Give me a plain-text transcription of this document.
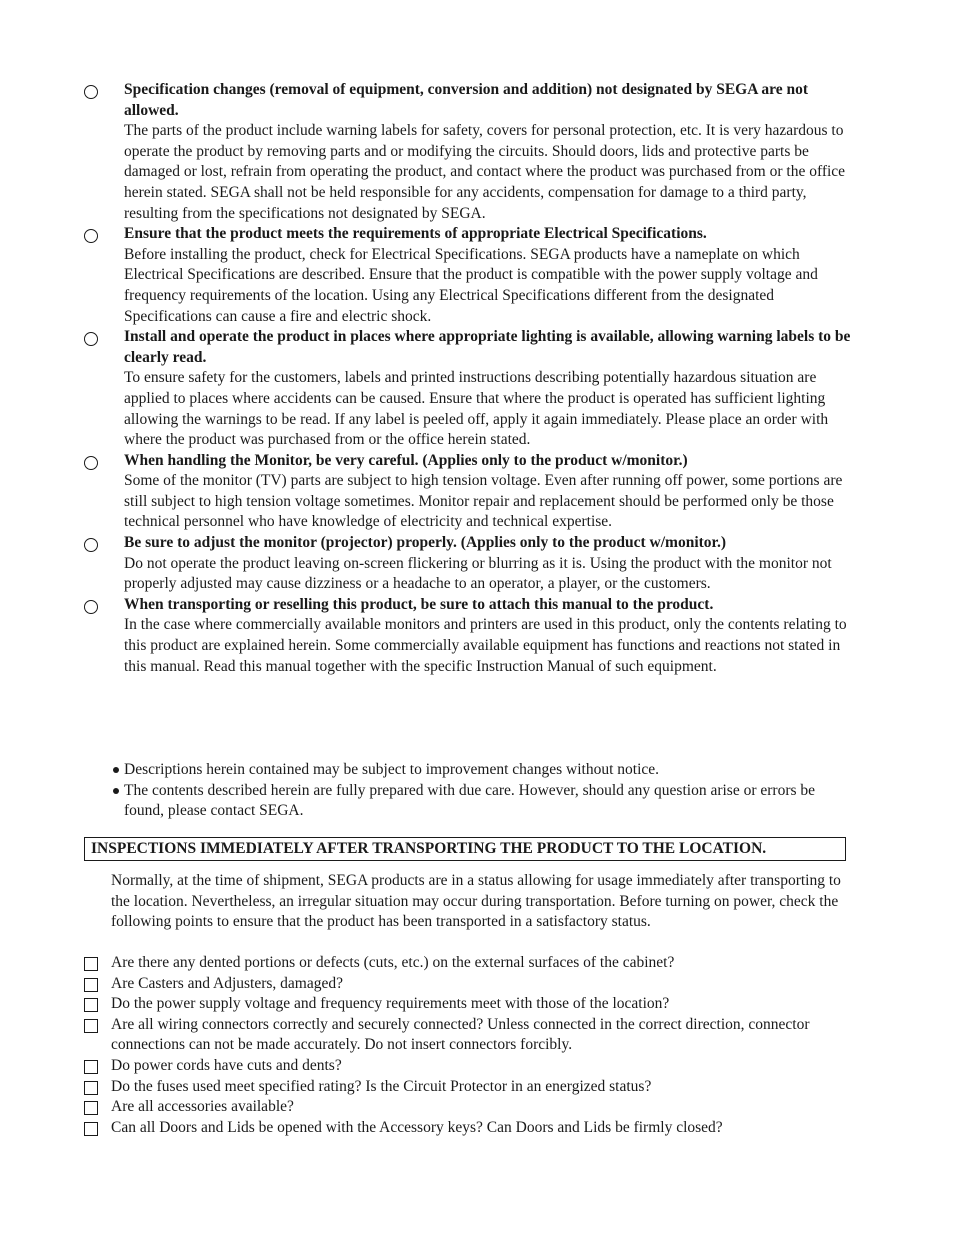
Specification changes (removal of equipment, conversion and addition) not designated by SEGA are not allowed.
The parts of the product include warning labels for safety, covers for personal protection, etc. It is very hazardous to operate the product by removing parts and or modifying the circuits. Should doors, lids and protective parts be damaged or lost, refrain from operating the product, and contact where the product was purchased from or the office herein stated. SEGA shall not be held responsible for any accidents, compensation for damage to a third party, resulting from the specifications not designated by SEGA.
Ensure that the product meets the requirements of appropriate Electrical Specifications.
Before installing the product, check for Electrical Specifications. SEGA products have a nameplate on which Electrical Specifications are described. Ensure that the product is compatible with the power supply voltage and frequency requirements of the location. Using any Electrical Specifications different from the designated Specifications can cause a fire and electric shock.
Install and operate the product in places where appropriate lighting is available, allowing warning labels to be clearly read.
To ensure safety for the customers, labels and printed instructions describing potentially hazardous situation are applied to places where accidents can be caused. Ensure that where the product is operated has sufficient lighting allowing the warnings to be read. If any label is peeled off, apply it again immediately. Please place an order with where the product was purchased from or the office herein stated.
When handling the Monitor, be very careful. (Applies only to the product w/monitor.)
Some of the monitor (TV) parts are subject to high tension voltage. Even after running off power, some portions are still subject to high tension voltage sometimes. Monitor repair and replacement should be performed only be those technical personnel who have knowledge of electricity and technical expertise.
Be sure to adjust the monitor (projector) properly. (Applies only to the product w/monitor.)
Do not operate the product leaving on-screen flickering or blurring as it is. Using the product with the monitor not properly adjusted may cause dizziness or a headache to an operator, a player, or the customers.
When transporting or reselling this product, be sure to attach this manual to the product.
In the case where commercially available monitors and printers are used in this product, only the contents relating to this product are explained herein. Some commercially available equipment has functions and reactions not stated in this manual. Read this manual together with the specific Instruction Manual of such equipment.
Descriptions herein contained may be subject to improvement changes without notice.
The contents described herein are fully prepared with due care. However, should any question arise or errors be found, please contact SEGA.
INSPECTIONS IMMEDIATELY AFTER TRANSPORTING THE PRODUCT TO THE LOCATION.
Normally, at the time of shipment, SEGA products are in a status allowing for usage immediately after transporting to the location. Nevertheless, an irregular situation may occur during transportation. Before turning on power, check the following points to ensure that the product has been transported in a satisfactory status.
Are there any dented portions or defects (cuts, etc.) on the external surfaces of the cabinet?
Are Casters and Adjusters, damaged?
Do the power supply voltage and frequency requirements meet with those of the location?
Are all wiring connectors correctly and securely connected? Unless connected in the correct direction, connector connections can not be made accurately. Do not insert connectors forcibly.
Do power cords have cuts and dents?
Do the fuses used meet specified rating? Is the Circuit Protector in an energized status?
Are all accessories available?
Can all Doors and Lids be opened with the Accessory keys? Can Doors and Lids be firmly closed?
